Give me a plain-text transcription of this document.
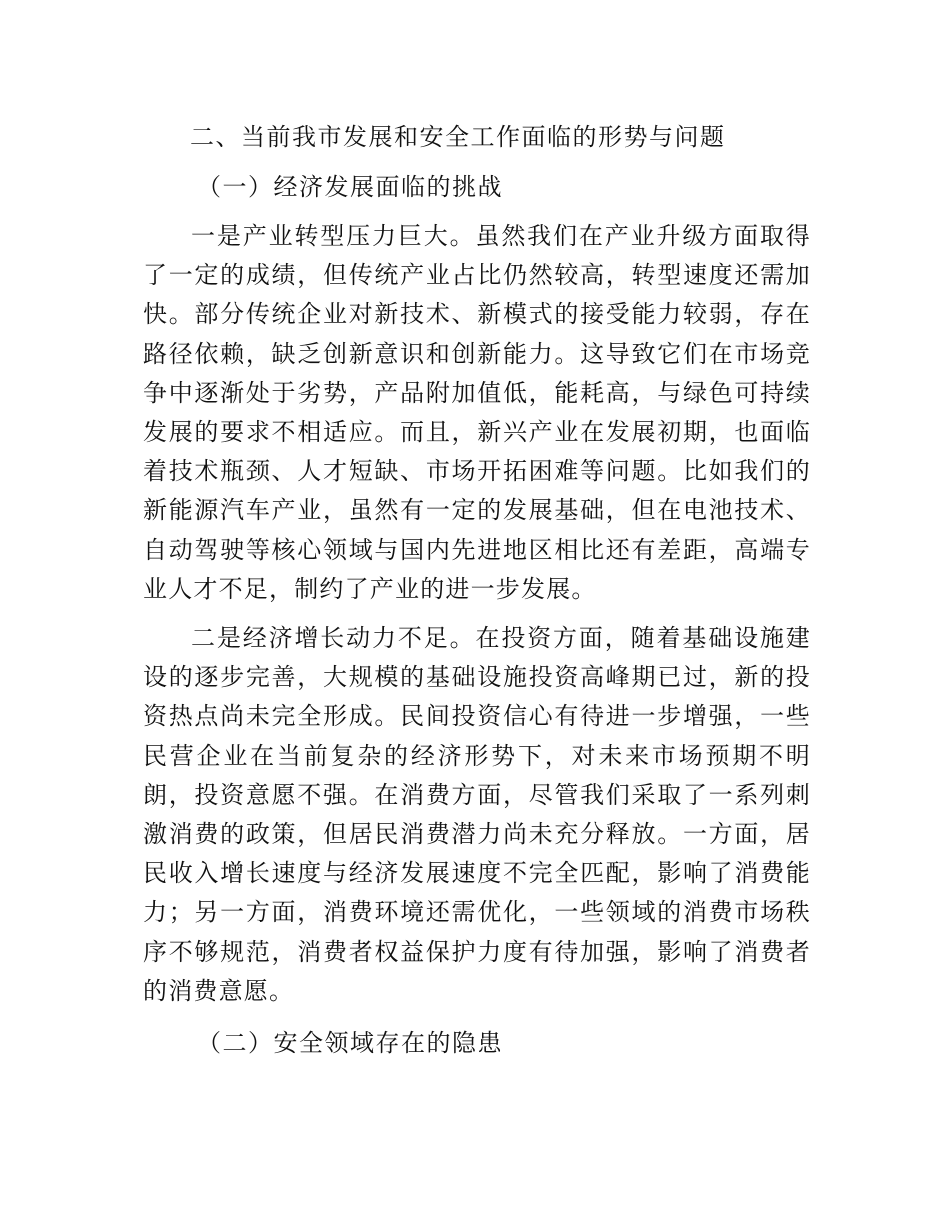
二、当前我市发展和安全工作面临的形势与问题
（一）经济发展面临的挑战

一是产业转型压力巨大。虽然我们在产业升级方面取得了一定的成绩，但传统产业占比仍然较高，转型速度还需加快。部分传统企业对新技术、新模式的接受能力较弱，存在路径依赖，缺乏创新意识和创新能力。这导致它们在市场竞争中逐渐处于劣势，产品附加值低，能耗高，与绿色可持续发展的要求不相适应。而且，新兴产业在发展初期，也面临着技术瓶颈、人才短缺、市场开拓困难等问题。比如我们的新能源汽车产业，虽然有一定的发展基础，但在电池技术、自动驾驶等核心领域与国内先进地区相比还有差距，高端专业人才不足，制约了产业的进一步发展。

二是经济增长动力不足。在投资方面，随着基础设施建设的逐步完善，大规模的基础设施投资高峰期已过，新的投资热点尚未完全形成。民间投资信心有待进一步增强，一些民营企业在当前复杂的经济形势下，对未来市场预期不明朗，投资意愿不强。在消费方面，尽管我们采取了一系列刺激消费的政策，但居民消费潜力尚未充分释放。一方面，居民收入增长速度与经济发展速度不完全匹配，影响了消费能力；另一方面，消费环境还需优化，一些领域的消费市场秩序不够规范，消费者权益保护力度有待加强，影响了消费者的消费意愿。

（二）安全领域存在的隐患
